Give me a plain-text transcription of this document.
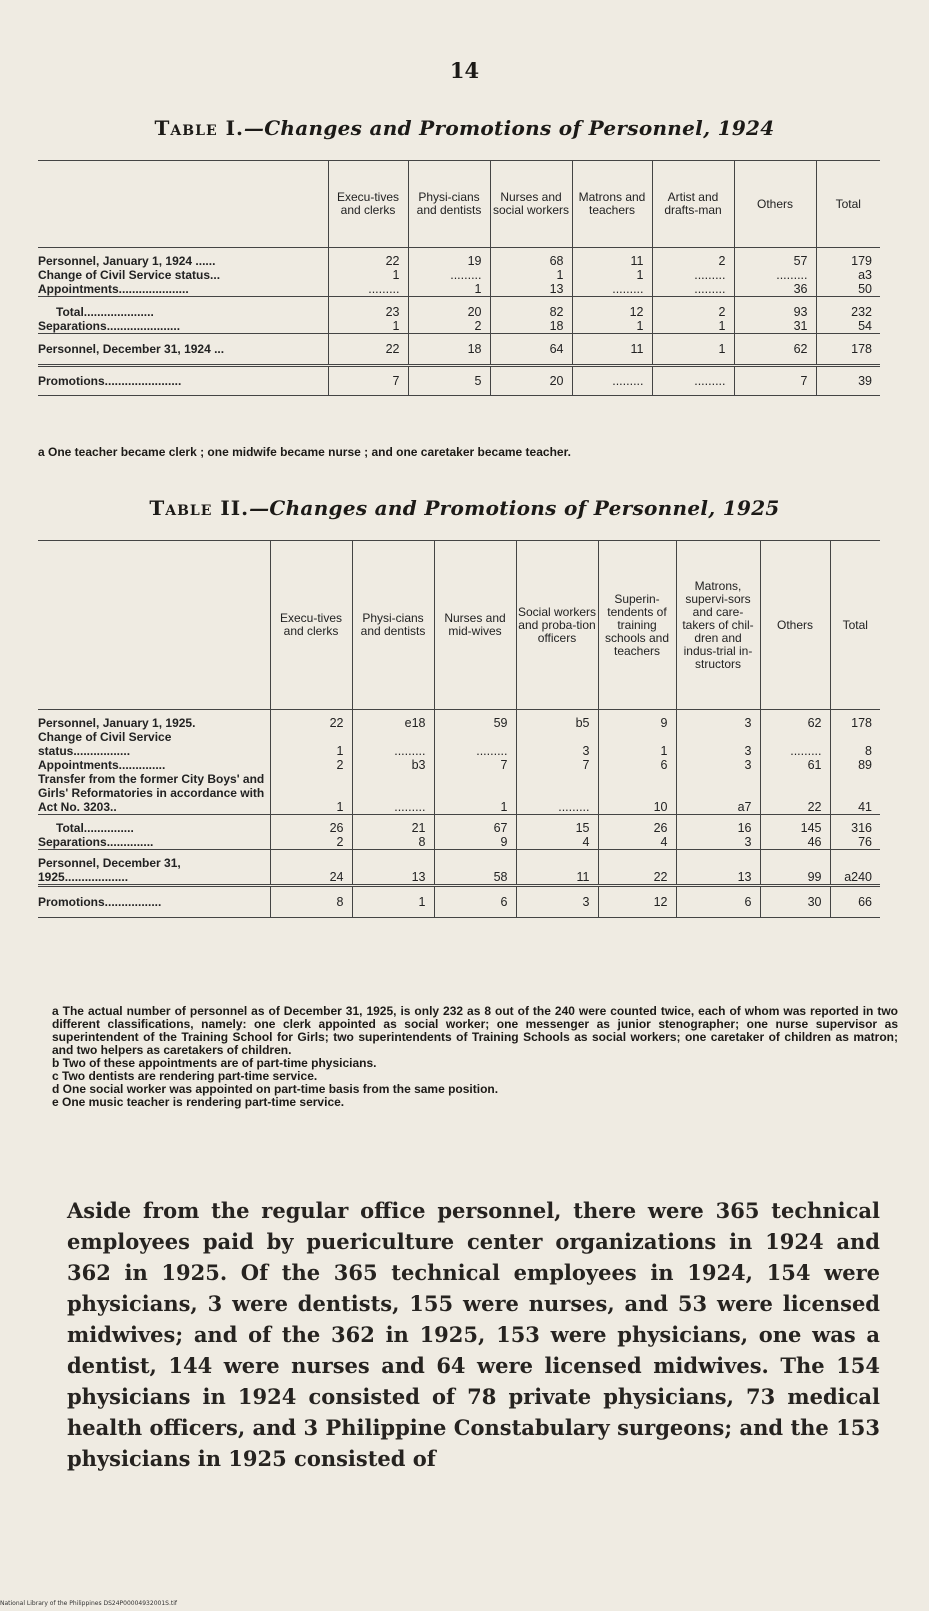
14
Table I.—Changes and Promotions of Personnel, 1924
	Execu-tives and clerks	Physi-cians and dentists	Nurses and social workers	Matrons and teachers	Artist and drafts-man	Others	Total

Personnel, January 1, 1924 ......	22	19	68	11	2	57	179
Change of Civil Service status...	1	.........	1	1	.........	.........	a3
Appointments.....................	.........	1	13	.........	.........	36	50
Total.....................	23	20	82	12	2	93	232
Separations......................	1	2	18	1	1	31	54
Personnel, December 31, 1924 ...	22	18	64	11	1	62	178
Promotions.......................	7	5	20	.........	.........	7	39
a One teacher became clerk ; one midwife became nurse ; and one caretaker became teacher.
Table II.—Changes and Promotions of Personnel, 1925
	Execu-tives and clerks	Physi-cians and dentists	Nurses and mid-wives	Social workers and proba-tion officers	Superin-tendents of training schools and teachers	Matrons, supervi-sors and care-takers of chil-dren and indus-trial in-structors	Others	Total

Personnel, January 1, 1925.	22	e18	59	b5	9	3	62	178
Change of Civil Service status.................	1	.........	.........	3	1	3	.........	8
Appointments..............	2	b3	7	7	6	3	61	89
Transfer from the former City Boys' and Girls' Reformatories in accordance with Act No. 3203..	1	.........	1	.........	10	a7	22	41
Total...............	26	21	67	15	26	16	145	316
Separations..............	2	8	9	4	4	3	46	76
Personnel, December 31, 1925...................	24	13	58	11	22	13	99	a240
Promotions.................	8	1	6	3	12	6	30	66

a The actual number of personnel as of December 31, 1925, is only 232 as 8 out of the 240 were counted twice, each of whom was reported in two different classifications, namely: one clerk appointed as social worker; one messenger as junior stenographer; one nurse supervisor as superintendent of the Training School for Girls; two superintendents of Training Schools as social workers; one caretaker of children as matron; and two helpers as caretakers of children.

b Two of these appointments are of part-time physicians.

c Two dentists are rendering part-time service.

d One social worker was appointed on part-time basis from the same position.

e One music teacher is rendering part-time service.

Aside from the regular office personnel, there were 365 technical employees paid by puericulture center organizations in 1924 and 362 in 1925. Of the 365 technical employees in 1924, 154 were physicians, 3 were dentists, 155 were nurses, and 53 were licensed midwives; and of the 362 in 1925, 153 were physicians, one was a dentist, 144 were nurses and 64 were licensed midwives. The 154 physicians in 1924 consisted of 78 private physicians, 73 medical health officers, and 3 Philippine Constabulary surgeons; and the 153 physicians in 1925 consisted of

National Library of the Philippines DS24P00004932001S.tif
